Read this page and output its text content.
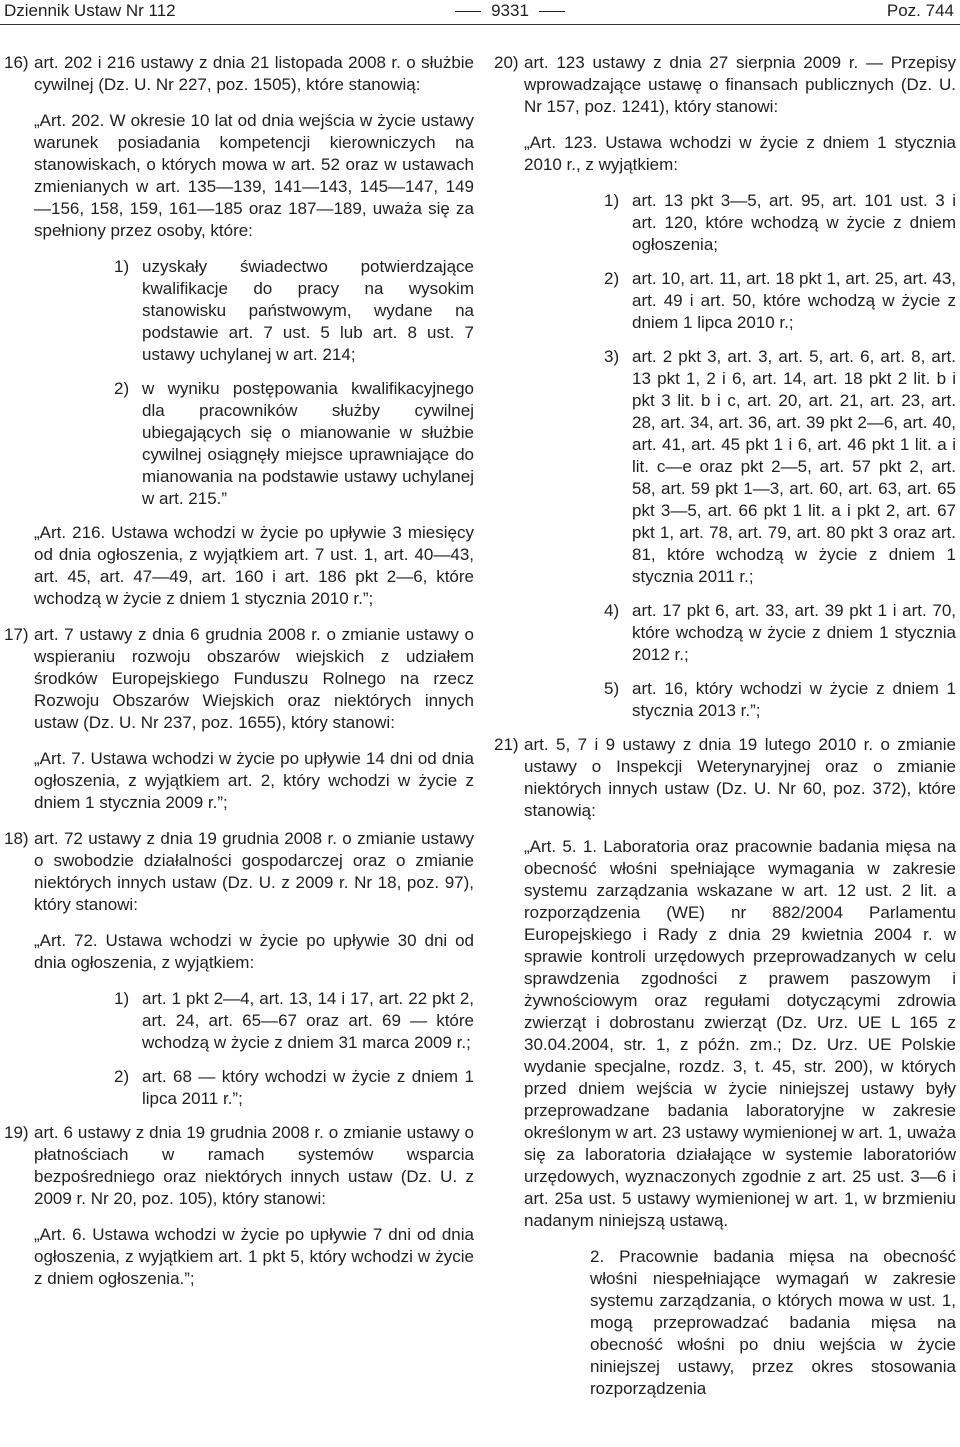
Dziennik Ustaw Nr 112	9331	Poz. 744
16) art. 202 i 216 ustawy z dnia 21 listopada 2008 r. o służbie cywilnej (Dz. U. Nr 227, poz. 1505), które stanowią:

„Art. 202. W okresie 10 lat od dnia wejścia w życie ustawy warunek posiadania kompetencji kierowniczych na stanowiskach, o których mowa w art. 52 oraz w ustawach zmienianych w art. 135—139, 141—143, 145—147, 149—156, 158, 159, 161—185 oraz 187—189, uważa się za spełniony przez osoby, które:

1) uzyskały świadectwo potwierdzające kwalifikacje do pracy na wysokim stanowisku państwowym, wydane na podstawie art. 7 ust. 5 lub art. 8 ust. 7 ustawy uchylanej w art. 214;
2) w wyniku postępowania kwalifikacyjnego dla pracowników służby cywilnej ubiegających się o mianowanie w służbie cywilnej osiągnęły miejsce uprawniające do mianowania na podstawie ustawy uchylanej w art. 215.”

„Art. 216. Ustawa wchodzi w życie po upływie 3 miesięcy od dnia ogłoszenia, z wyjątkiem art. 7 ust. 1, art. 40—43, art. 45, art. 47—49, art. 160 i art. 186 pkt 2—6, które wchodzą w życie z dniem 1 stycznia 2010 r.”;

17) art. 7 ustawy z dnia 6 grudnia 2008 r. o zmianie ustawy o wspieraniu rozwoju obszarów wiejskich z udziałem środków Europejskiego Funduszu Rolnego na rzecz Rozwoju Obszarów Wiejskich oraz niektórych innych ustaw (Dz. U. Nr 237, poz. 1655), który stanowi:

„Art. 7. Ustawa wchodzi w życie po upływie 14 dni od dnia ogłoszenia, z wyjątkiem art. 2, który wchodzi w życie z dniem 1 stycznia 2009 r.”;

18) art. 72 ustawy z dnia 19 grudnia 2008 r. o zmianie ustawy o swobodzie działalności gospodarczej oraz o zmianie niektórych innych ustaw (Dz. U. z 2009 r. Nr 18, poz. 97), który stanowi:

„Art. 72. Ustawa wchodzi w życie po upływie 30 dni od dnia ogłoszenia, z wyjątkiem:

1) art. 1 pkt 2—4, art. 13, 14 i 17, art. 22 pkt 2, art. 24, art. 65—67 oraz art. 69 — które wchodzą w życie z dniem 31 marca 2009 r.;
2) art. 68 — który wchodzi w życie z dniem 1 lipca 2011 r.”;
19) art. 6 ustawy z dnia 19 grudnia 2008 r. o zmianie ustawy o płatnościach w ramach systemów wsparcia bezpośredniego oraz niektórych innych ustaw (Dz. U. z 2009 r. Nr 20, poz. 105), który stanowi:

„Art. 6. Ustawa wchodzi w życie po upływie 7 dni od dnia ogłoszenia, z wyjątkiem art. 1 pkt 5, który wchodzi w życie z dniem ogłoszenia.”;

20) art. 123 ustawy z dnia 27 sierpnia 2009 r. — Przepisy wprowadzające ustawę o finansach publicznych (Dz. U. Nr 157, poz. 1241), który stanowi:

„Art. 123. Ustawa wchodzi w życie z dniem 1 stycznia 2010 r., z wyjątkiem:

1) art. 13 pkt 3—5, art. 95, art. 101 ust. 3 i art. 120, które wchodzą w życie z dniem ogłoszenia;
2) art. 10, art. 11, art. 18 pkt 1, art. 25, art. 43, art. 49 i art. 50, które wchodzą w życie z dniem 1 lipca 2010 r.;
3) art. 2 pkt 3, art. 3, art. 5, art. 6, art. 8, art. 13 pkt 1, 2 i 6, art. 14, art. 18 pkt 2 lit. b i pkt 3 lit. b i c, art. 20, art. 21, art. 23, art. 28, art. 34, art. 36, art. 39 pkt 2—6, art. 40, art. 41, art. 45 pkt 1 i 6, art. 46 pkt 1 lit. a i lit. c—e oraz pkt 2—5, art. 57 pkt 2, art. 58, art. 59 pkt 1—3, art. 60, art. 63, art. 65 pkt 3—5, art. 66 pkt 1 lit. a i pkt 2, art. 67 pkt 1, art. 78, art. 79, art. 80 pkt 3 oraz art. 81, które wchodzą w życie z dniem 1 stycznia 2011 r.;
4) art. 17 pkt 6, art. 33, art. 39 pkt 1 i art. 70, które wchodzą w życie z dniem 1 stycznia 2012 r.;
5) art. 16, który wchodzi w życie z dniem 1 stycznia 2013 r.”;
21) art. 5, 7 i 9 ustawy z dnia 19 lutego 2010 r. o zmianie ustawy o Inspekcji Weterynaryjnej oraz o zmianie niektórych innych ustaw (Dz. U. Nr 60, poz. 372), które stanowią:

„Art. 5. 1. Laboratoria oraz pracownie badania mięsa na obecność włośni spełniające wymagania w zakresie systemu zarządzania wskazane w art. 12 ust. 2 lit. a rozporządzenia (WE) nr 882/2004 Parlamentu Europejskiego i Rady z dnia 29 kwietnia 2004 r. w sprawie kontroli urzędowych przeprowadzanych w celu sprawdzenia zgodności z prawem paszowym i żywnościowym oraz regułami dotyczącymi zdrowia zwierząt i dobrostanu zwierząt (Dz. Urz. UE L 165 z 30.04.2004, str. 1, z późn. zm.; Dz. Urz. UE Polskie wydanie specjalne, rozdz. 3, t. 45, str. 200), w których przed dniem wejścia w życie niniejszej ustawy były przeprowadzane badania laboratoryjne w zakresie określonym w art. 23 ustawy wymienionej w art. 1, uważa się za laboratoria działające w systemie laboratoriów urzędowych, wyznaczonych zgodnie z art. 25 ust. 3—6 i art. 25a ust. 5 ustawy wymienionej w art. 1, w brzmieniu nadanym niniejszą ustawą.

2. Pracownie badania mięsa na obecność włośni niespełniające wymagań w zakresie systemu zarządzania, o których mowa w ust. 1, mogą przeprowadzać badania mięsa na obecność włośni po dniu wejścia w życie niniejszej ustawy, przez okres stosowania rozporządzenia
